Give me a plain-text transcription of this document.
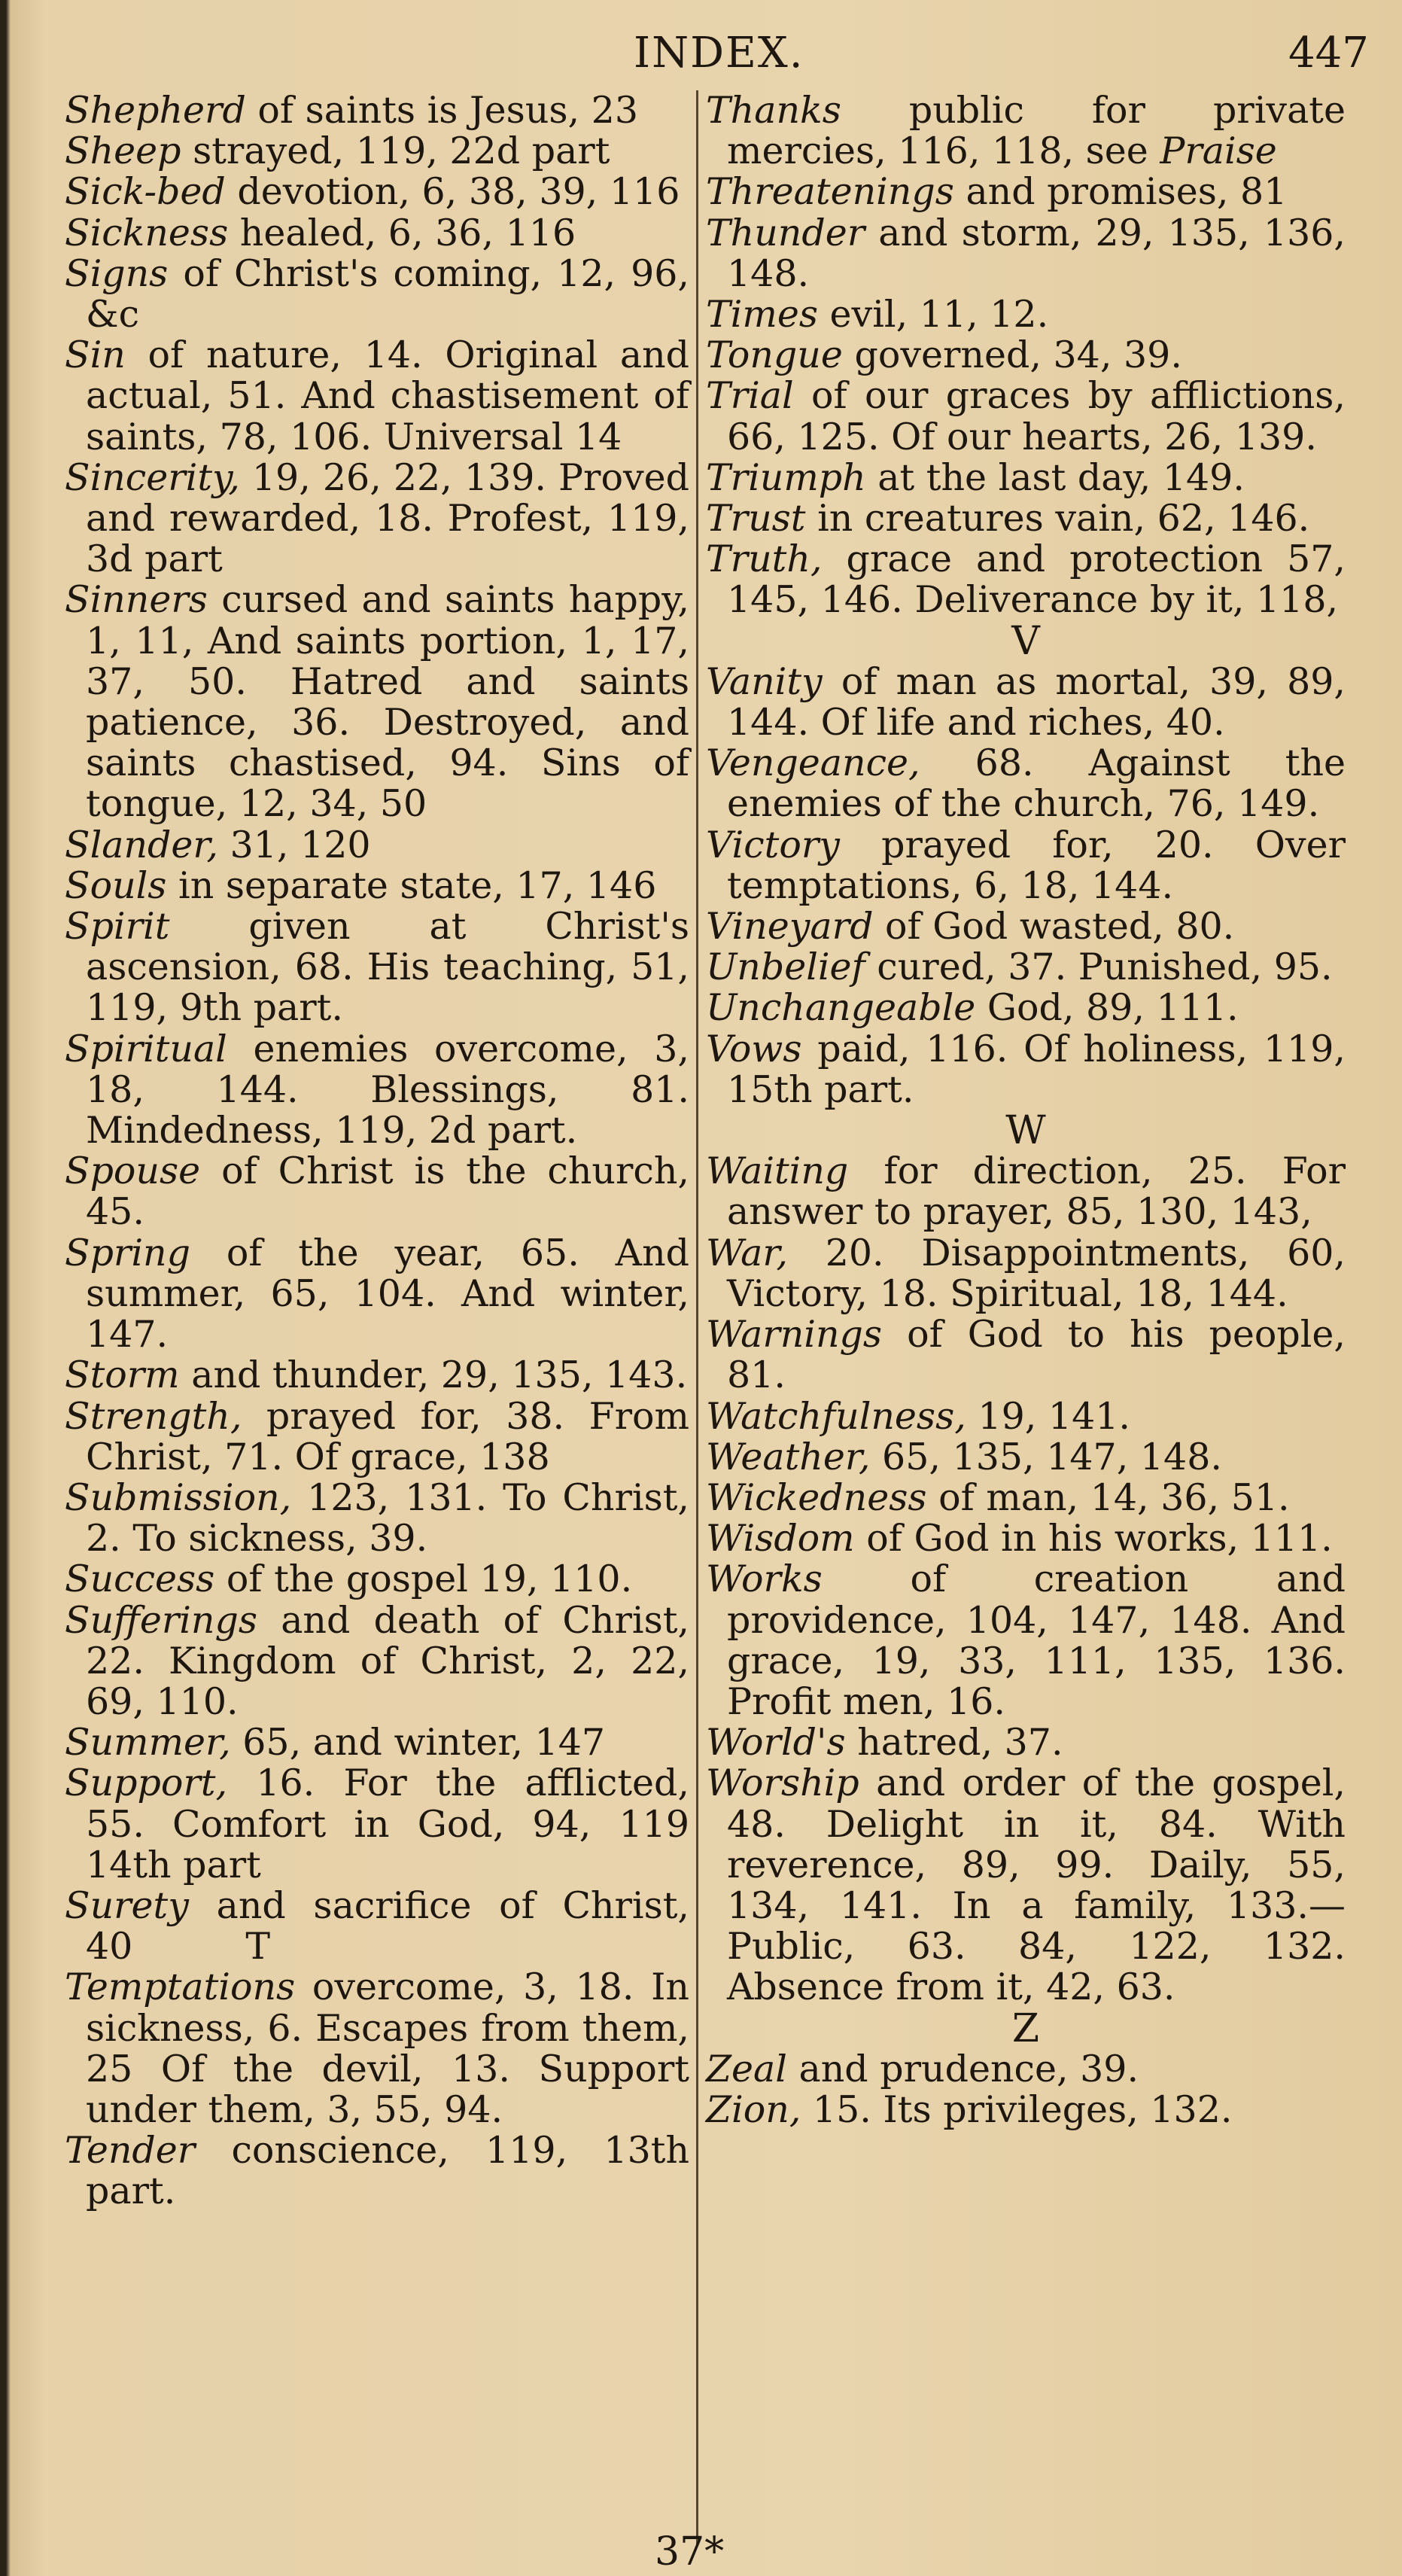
INDEX.	447

Shepherd of saints is Jesus, 23

Sheep strayed, 119, 22d part

Sick-bed devotion, 6, 38, 39, 116

Sickness healed, 6, 36, 116

Signs of Christ's coming, 12, 96, &c

Sin of nature, 14. Original and actual, 51. And chastisement of saints, 78, 106. Universal 14

Sincerity, 19, 26, 22, 139. Proved and rewarded, 18. Profest, 119, 3d part

Sinners cursed and saints happy, 1, 11, And saints portion, 1, 17, 37, 50. Hatred and saints patience, 36. Destroyed, and saints chastised, 94. Sins of tongue, 12, 34, 50

Slander, 31, 120

Souls in separate state, 17, 146

Spirit given at Christ's ascension, 68. His teaching, 51, 119, 9th part.

Spiritual enemies overcome, 3, 18, 144. Blessings, 81. Mindedness, 119, 2d part.

Spouse of Christ is the church, 45.

Spring of the year, 65. And summer, 65, 104. And winter, 147.

Storm and thunder, 29, 135, 143.

Strength, prayed for, 38. From Christ, 71. Of grace, 138

Submission, 123, 131. To Christ, 2. To sickness, 39.

Success of the gospel 19, 110.

Sufferings and death of Christ, 22. Kingdom of Christ, 2, 22, 69, 110.

Summer, 65, and winter, 147

Support, 16. For the afflicted, 55. Comfort in God, 94, 119 14th part

Surety and sacrifice of Christ, 40	T

Temptations overcome, 3, 18. In sickness, 6. Escapes from them, 25 Of the devil, 13. Support under them, 3, 55, 94.

Tender conscience, 119, 13th part.

Thanks public for private mercies, 116, 118, see Praise

Threatenings and promises, 81

Thunder and storm, 29, 135, 136, 148.

Times evil, 11, 12.

Tongue governed, 34, 39.

Trial of our graces by afflictions, 66, 125. Of our hearts, 26, 139.

Triumph at the last day, 149.

Trust in creatures vain, 62, 146.

Truth, grace and protection 57, 145, 146. Deliverance by it, 118,

V

Vanity of man as mortal, 39, 89, 144. Of life and riches, 40.

Vengeance, 68. Against the enemies of the church, 76, 149.

Victory prayed for, 20. Over temptations, 6, 18, 144.

Vineyard of God wasted, 80.

Unbelief cured, 37. Punished, 95.

Unchangeable God, 89, 111.

Vows paid, 116. Of holiness, 119, 15th part.

W

Waiting for direction, 25. For answer to prayer, 85, 130, 143,

War, 20. Disappointments, 60, Victory, 18. Spiritual, 18, 144.

Warnings of God to his people, 81.

Watchfulness, 19, 141.

Weather, 65, 135, 147, 148.

Wickedness of man, 14, 36, 51.

Wisdom of God in his works, 111.

Works of creation and providence, 104, 147, 148. And grace, 19, 33, 111, 135, 136. Profit men, 16.

World's hatred, 37.

Worship and order of the gospel, 48. Delight in it, 84. With reverence, 89, 99. Daily, 55, 134, 141. In a family, 133.— Public, 63. 84, 122, 132. Absence from it, 42, 63.

Z

Zeal and prudence, 39.

Zion, 15. Its privileges, 132.

37*
